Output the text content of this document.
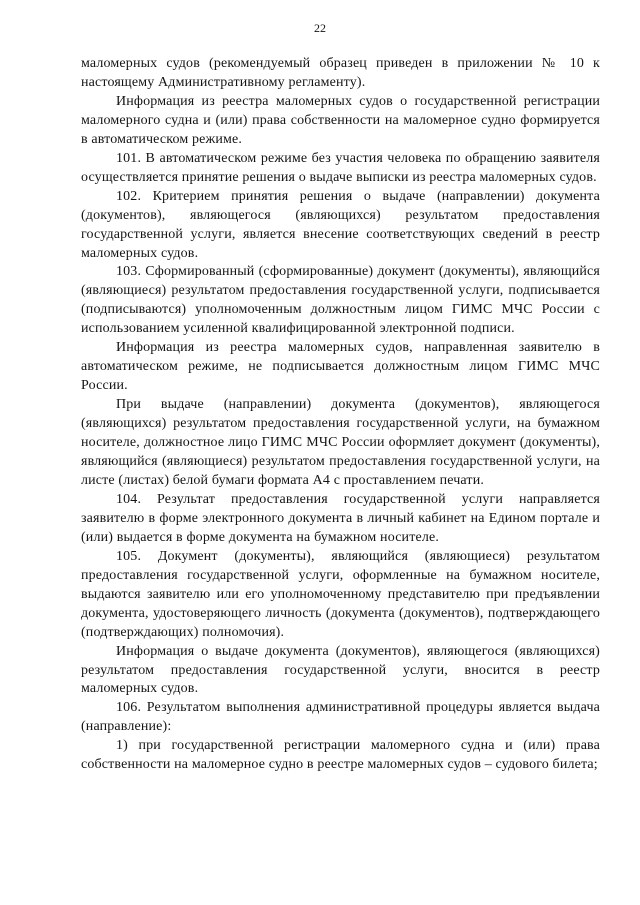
22

маломерных судов (рекомендуемый образец приведен в приложении № 10 к настоящему Административному регламенту).

Информация из реестра маломерных судов о государственной регистрации маломерного судна и (или) права собственности на маломерное судно формируется в автоматическом режиме.

101. В автоматическом режиме без участия человека по обращению заявителя осуществляется принятие решения о выдаче выписки из реестра маломерных судов.

102. Критерием принятия решения о выдаче (направлении) документа (документов), являющегося (являющихся) результатом предоставления государственной услуги, является внесение соответствующих сведений в реестр маломерных судов.

103. Сформированный (сформированные) документ (документы), являющийся (являющиеся) результатом предоставления государственной услуги, подписывается (подписываются) уполномоченным должностным лицом ГИМС МЧС России с использованием усиленной квалифицированной электронной подписи.

Информация из реестра маломерных судов, направленная заявителю в автоматическом режиме, не подписывается должностным лицом ГИМС МЧС России.

При выдаче (направлении) документа (документов), являющегося (являющихся) результатом предоставления государственной услуги, на бумажном носителе, должностное лицо ГИМС МЧС России оформляет документ (документы), являющийся (являющиеся) результатом предоставления государственной услуги, на листе (листах) белой бумаги формата А4 с проставлением печати.

104. Результат предоставления государственной услуги направляется заявителю в форме электронного документа в личный кабинет на Едином портале и (или) выдается в форме документа на бумажном носителе.

105. Документ (документы), являющийся (являющиеся) результатом предоставления государственной услуги, оформленные на бумажном носителе, выдаются заявителю или его уполномоченному представителю при предъявлении документа, удостоверяющего личность (документа (документов), подтверждающего (подтверждающих) полномочия).

Информация о выдаче документа (документов), являющегося (являющихся) результатом предоставления государственной услуги, вносится в реестр маломерных судов.

106. Результатом выполнения административной процедуры является выдача (направление):

1) при государственной регистрации маломерного судна и (или) права собственности на маломерное судно в реестре маломерных судов – судового билета;
